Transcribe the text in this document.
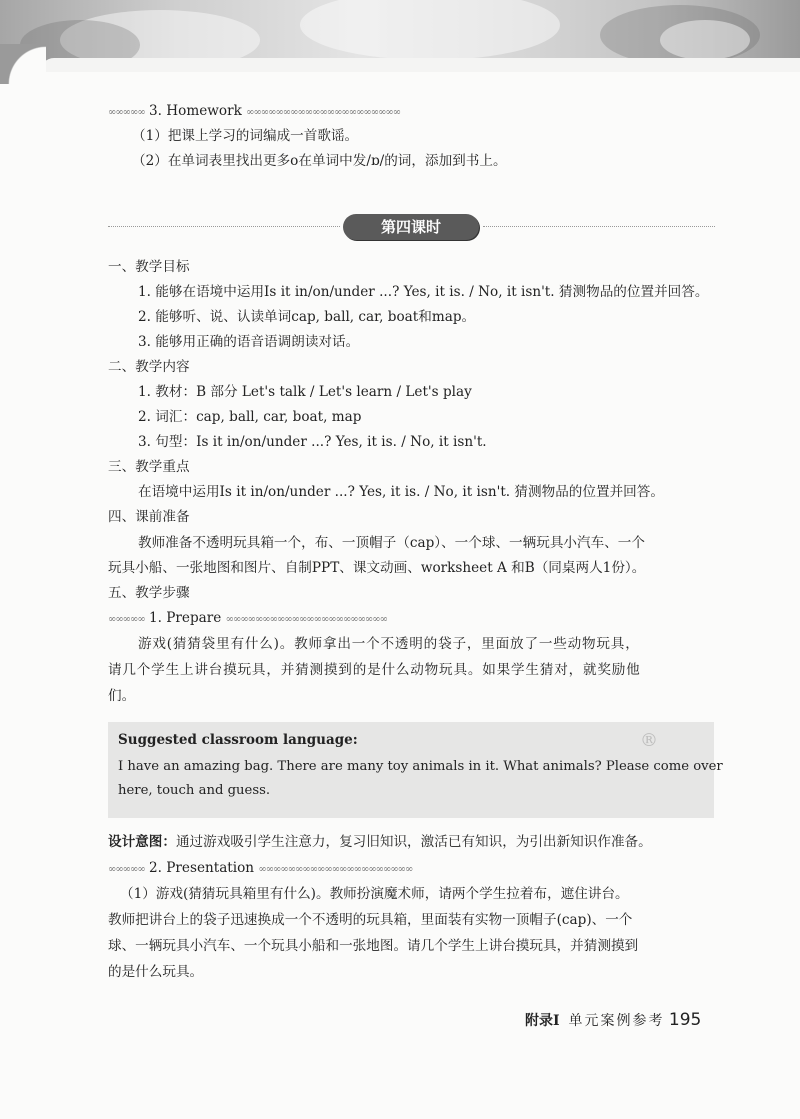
∞∞∞∞∞ 3. Homework ∞∞∞∞∞∞∞∞∞∞∞∞∞∞∞∞∞∞∞∞∞
（1）把课上学习的词编成一首歌谣。
（2）在单词表里找出更多o在单词中发/ɒ/的词，添加到书上。
第四课时
一、教学目标
1. 能够在语境中运用Is it in/on/under ...? Yes, it is. / No, it isn't. 猜测物品的位置并回答。
2. 能够听、说、认读单词cap, ball, car, boat和map。
3. 能够用正确的语音语调朗读对话。
二、教学内容
1. 教材：B 部分 Let's talk / Let's learn / Let's play
2. 词汇：cap, ball, car, boat, map
3. 句型：Is it in/on/under ...? Yes, it is. / No, it isn't.
三、教学重点
在语境中运用Is it in/on/under ...? Yes, it is. / No, it isn't. 猜测物品的位置并回答。
四、课前准备
教师准备不透明玩具箱一个，布、一顶帽子（cap）、一个球、一辆玩具小汽车、一个
玩具小船、一张地图和图片、自制PPT、课文动画、worksheet A 和B（同桌两人1份）。
五、教学步骤
∞∞∞∞∞ 1. Prepare ∞∞∞∞∞∞∞∞∞∞∞∞∞∞∞∞∞∞∞∞∞∞
游戏(猜猜袋里有什么)。教师拿出一个不透明的袋子，里面放了一些动物玩具，
请几个学生上讲台摸玩具，并猜测摸到的是什么动物玩具。如果学生猜对，就奖励他
们。
Suggested classroom language:
I have an amazing bag. There are many toy animals in it. What animals? Please come over
here, touch and guess.
®
设计意图：通过游戏吸引学生注意力，复习旧知识，激活已有知识，为引出新知识作准备。
∞∞∞∞∞ 2. Presentation ∞∞∞∞∞∞∞∞∞∞∞∞∞∞∞∞∞∞∞∞∞
（1）游戏(猜猜玩具箱里有什么)。教师扮演魔术师，请两个学生拉着布，遮住讲台。
教师把讲台上的袋子迅速换成一个不透明的玩具箱，里面装有实物一顶帽子(cap)、一个
球、一辆玩具小汽车、一个玩具小船和一张地图。请几个学生上讲台摸玩具，并猜测摸到
的是什么玩具。
附录Ⅰ 单元案例参考 195
